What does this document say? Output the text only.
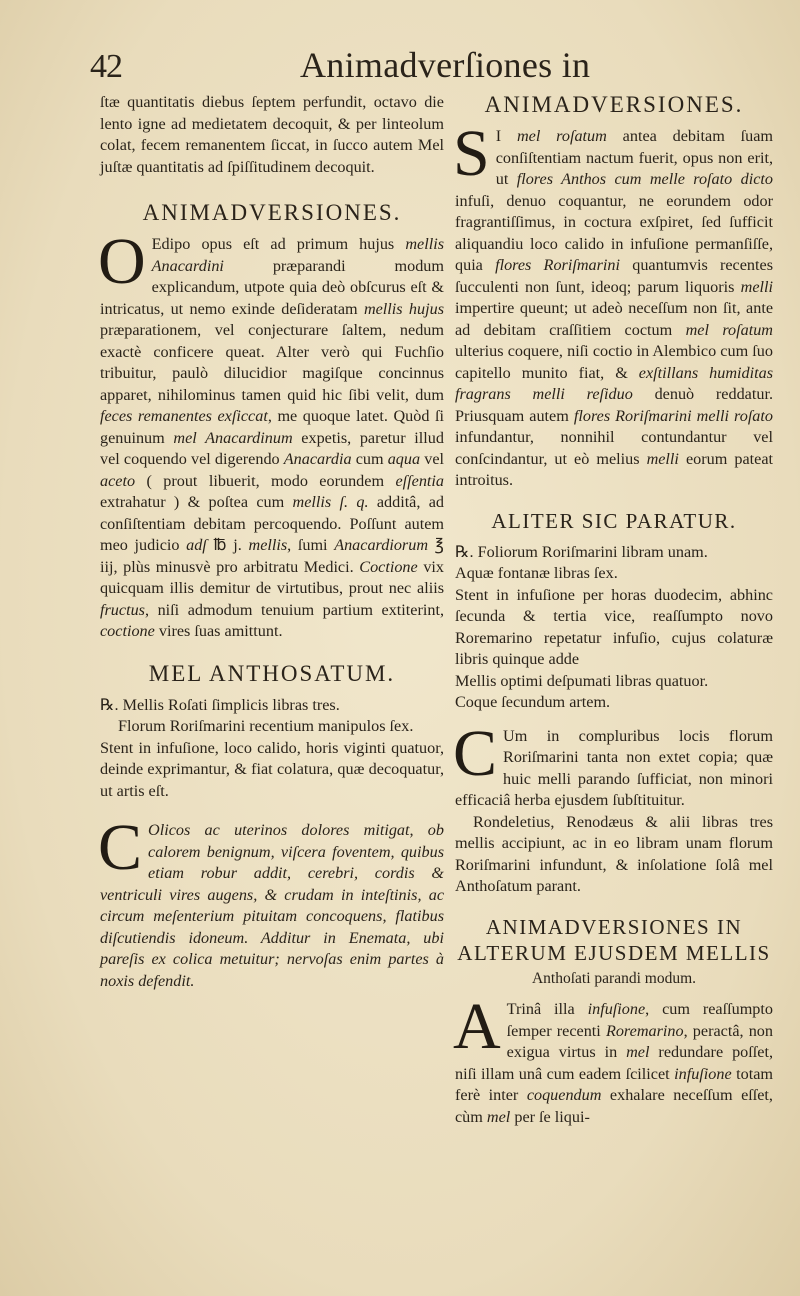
42	Animadverſiones in

ſtæ quantitatis diebus ſeptem perfundit, octavo die lento igne ad medietatem decoquit, & per linteolum colat, fecem remanentem ſiccat, in ſucco autem Mel juſtæ quantitatis ad ſpiſſitudinem decoquit.

ANIMADVERSIONES.

O Edipo opus eſt ad primum hujus mellis Anacardini præparandi modum explicandum, utpote quia deò obſcurus eſt & intricatus, ut nemo exinde deſideratam mellis hujus præparationem, vel conjecturare ſaltem, nedum exactè conficere queat. Alter verò qui Fuchſio tribuitur, paulò dilucidior magiſque concinnus apparet, nihilominus tamen quid hic ſibi velit, dum feces remanentes exſiccat, me quoque latet. Quòd ſi genuinum mel Anacardinum expetis, paretur illud vel coquendo vel digerendo Anacardia cum aqua vel aceto ( prout libuerit, modo eorundem eſſentia extrahatur ) & poſtea cum mellis ſ. q. additâ, ad conſiſtentiam debitam percoquendo. Poſſunt autem meo judicio adſ ℔ j. mellis, ſumi Anacardiorum ℥ iij, plùs minusvè pro arbitratu Medici. Coctione vix quicquam illis demitur de virtutibus, prout nec aliis fructus, niſi admodum tenuium partium extiterint, coctione vires ſuas amittunt.

MEL ANTHOSATUM.
℞. Mellis Roſati ſimplicis libras tres.
Florum Roriſmarini recentium manipulos ſex.
Stent in infuſione, loco calido, horis viginti quatuor, deinde exprimantur, & fiat colatura, quæ decoquatur, ut artis eſt.

C Olicos ac uterinos dolores mitigat, ob calorem benignum, viſcera foventem, quibus etiam robur addit, cerebri, cordis & ventriculi vires augens, & crudam in inteſtinis, ac circum meſenterium pituitam concoquens, flatibus diſcutiendis idoneum. Additur in Enemata, ubi pareſis ex colica metuitur; nervoſas enim partes à noxis defendit.

ANIMADVERSIONES.

S I mel roſatum antea debitam ſuam conſiſtentiam nactum fuerit, opus non erit, ut flores Anthos cum melle roſato dicto infuſi, denuo coquantur, ne eorundem odor fragrantiſſimus, in coctura exſpiret, ſed ſufficit aliquandiu loco calido in infuſione permanſiſſe, quia flores Roriſmarini quantumvis recentes ſucculenti non ſunt, ideoq; parum liquoris melli impertire queunt; ut adeò neceſſum non ſit, ante ad debitam craſſitiem coctum mel roſatum ulterius coquere, niſi coctio in Alembico cum ſuo capitello munito fiat, & exſtillans humiditas fragrans melli reſiduo denuò reddatur. Priusquam autem flores Roriſmarini melli roſato infundantur, nonnihil contundantur vel conſcindantur, ut eò melius melli eorum pateat introitus.

ALITER SIC PARATUR.
℞. Foliorum Roriſmarini libram unam.
Aquæ fontanæ libras ſex.
Stent in infuſione per horas duodecim, abhinc ſecunda & tertia vice, reaſſumpto novo Roremarino repetatur infuſio, cujus colaturæ libris quinque adde
Mellis optimi deſpumati libras quatuor.
Coque ſecundum artem.

C Um in compluribus locis florum Roriſmarini tanta non extet copia; quæ huic melli parando ſufficiat, non minori efficaciâ herba ejusdem ſubſtituitur.

Rondeletius, Renodæus & alii libras tres mellis accipiunt, ac in eo libram unam florum Roriſmarini infundunt, & inſolatione ſolâ mel Anthoſatum parant.

ANIMADVERSIONES IN ALTERUM EJUSDEM MELLIS
Anthoſati parandi modum.

A Trinâ illa infuſione, cum reaſſumpto ſemper recenti Roremarino, peractâ, non exigua virtus in mel redundare poſſet, niſi illam unâ cum eadem ſcilicet infuſione totam ferè inter coquendum exhalare neceſſum eſſet, cùm mel per ſe liqui-
